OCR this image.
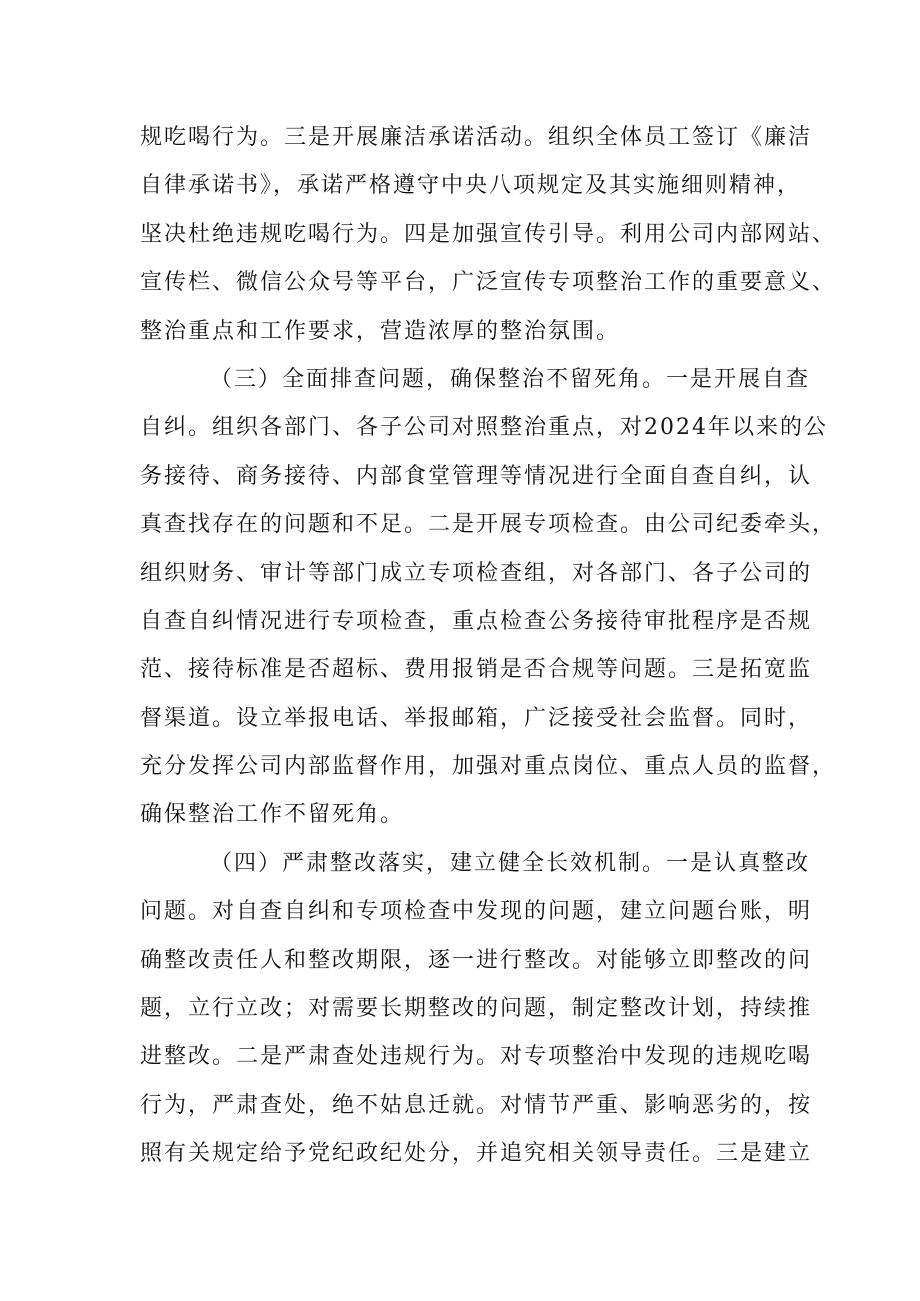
规吃喝行为。三是开展廉洁承诺活动。组织全体员工签订《廉洁
自律承诺书》，承诺严格遵守中央八项规定及其实施细则精神，
坚决杜绝违规吃喝行为。四是加强宣传引导。利用公司内部网站、
宣传栏、微信公众号等平台，广泛宣传专项整治工作的重要意义、
整治重点和工作要求，营造浓厚的整治氛围。
（三）全面排查问题，确保整治不留死角。一是开展自查
自纠。组织各部门、各子公司对照整治重点，对2024年以来的公
务接待、商务接待、内部食堂管理等情况进行全面自查自纠，认
真查找存在的问题和不足。二是开展专项检查。由公司纪委牵头，
组织财务、审计等部门成立专项检查组，对各部门、各子公司的
自查自纠情况进行专项检查，重点检查公务接待审批程序是否规
范、接待标准是否超标、费用报销是否合规等问题。三是拓宽监
督渠道。设立举报电话、举报邮箱，广泛接受社会监督。同时，
充分发挥公司内部监督作用，加强对重点岗位、重点人员的监督，
确保整治工作不留死角。
（四）严肃整改落实，建立健全长效机制。一是认真整改
问题。对自查自纠和专项检查中发现的问题，建立问题台账，明
确整改责任人和整改期限，逐一进行整改。对能够立即整改的问
题，立行立改；对需要长期整改的问题，制定整改计划，持续推
进整改。二是严肃查处违规行为。对专项整治中发现的违规吃喝
行为，严肃查处，绝不姑息迁就。对情节严重、影响恶劣的，按
照有关规定给予党纪政纪处分，并追究相关领导责任。三是建立
